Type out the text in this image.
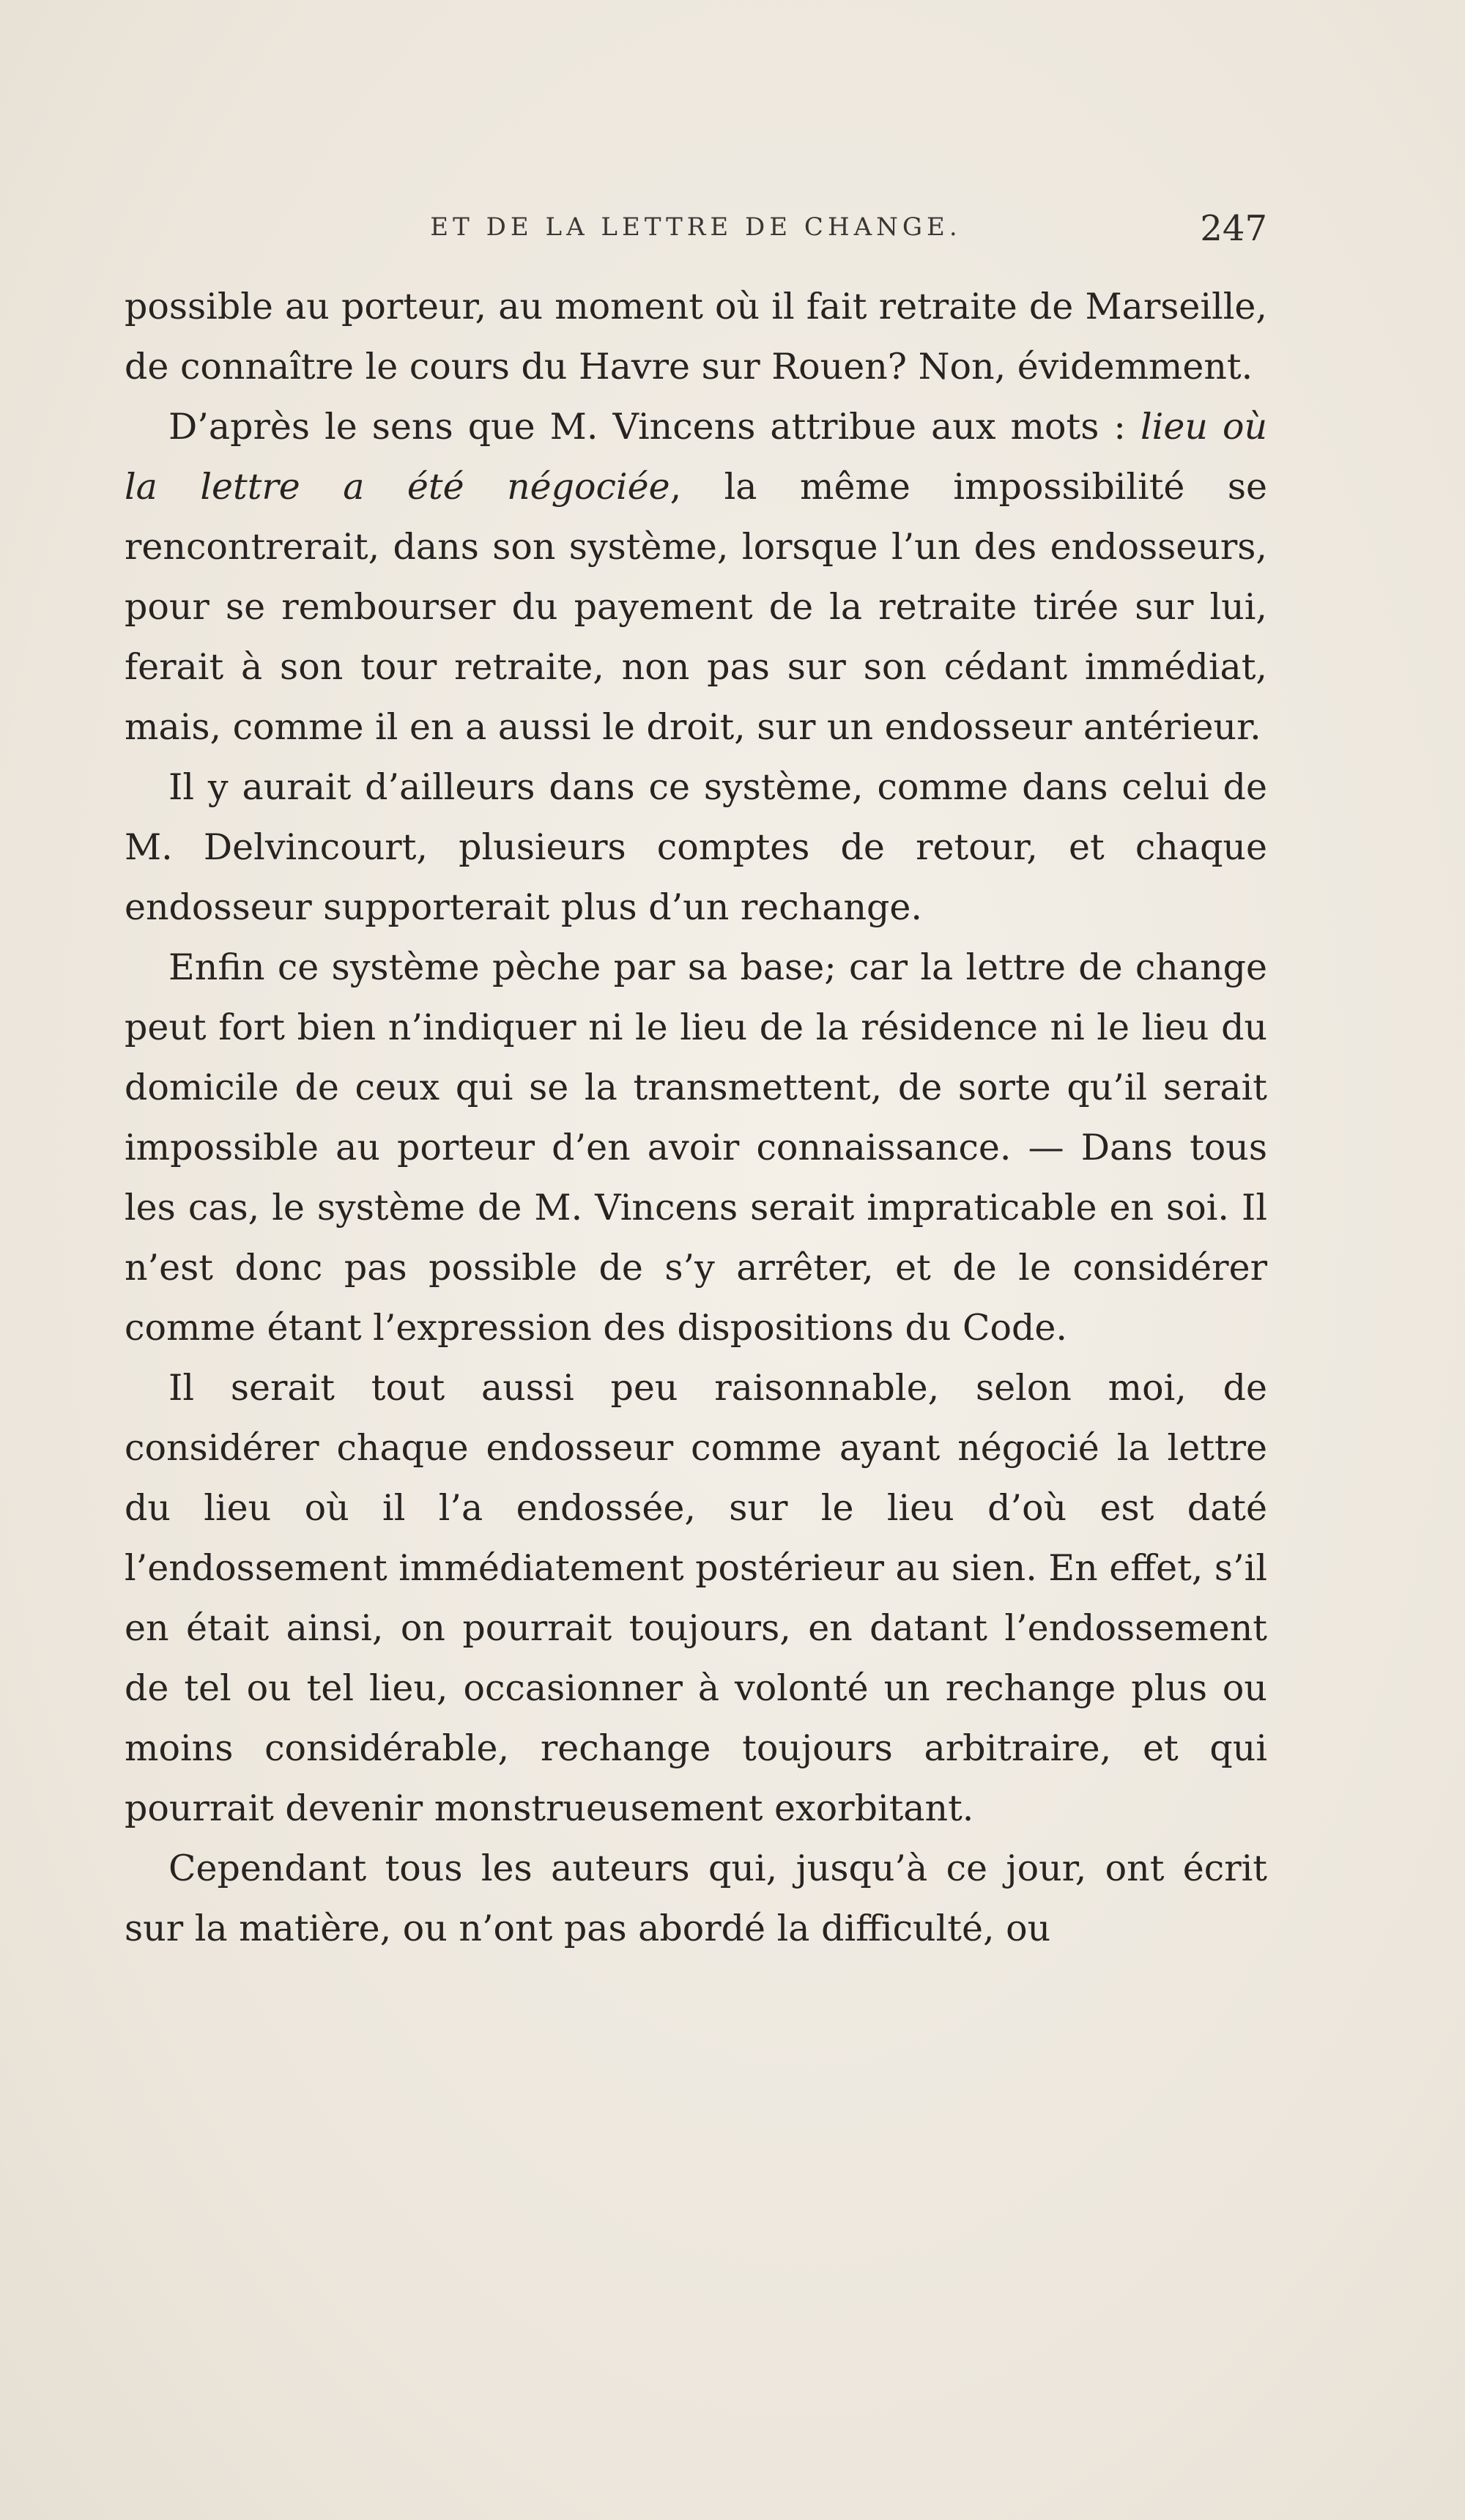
ET DE LA LETTRE DE CHANGE.	247

possible au porteur, au moment où il fait retraite de Marseille, de connaître le cours du Havre sur Rouen? Non, évidemment.

D’après le sens que M. Vincens attribue aux mots : lieu où la lettre a été négociée, la même impossibilité se rencontrerait, dans son système, lorsque l’un des endosseurs, pour se rembourser du payement de la retraite tirée sur lui, ferait à son tour retraite, non pas sur son cédant immédiat, mais, comme il en a aussi le droit, sur un endosseur antérieur.

Il y aurait d’ailleurs dans ce système, comme dans celui de M. Delvincourt, plusieurs comptes de retour, et chaque endosseur supporterait plus d’un rechange.

Enfin ce système pèche par sa base; car la lettre de change peut fort bien n’indiquer ni le lieu de la résidence ni le lieu du domicile de ceux qui se la transmettent, de sorte qu’il serait impossible au porteur d’en avoir connaissance. — Dans tous les cas, le système de M. Vincens serait impraticable en soi. Il n’est donc pas possible de s’y arrêter, et de le considérer comme étant l’expression des dispositions du Code.

Il serait tout aussi peu raisonnable, selon moi, de considérer chaque endosseur comme ayant négocié la lettre du lieu où il l’a endossée, sur le lieu d’où est daté l’endossement immédiatement postérieur au sien. En effet, s’il en était ainsi, on pourrait toujours, en datant l’endossement de tel ou tel lieu, occasionner à volonté un rechange plus ou moins considérable, rechange toujours arbitraire, et qui pourrait devenir monstrueusement exorbitant.

Cependant tous les auteurs qui, jusqu’à ce jour, ont écrit sur la matière, ou n’ont pas abordé la difficulté, ou
